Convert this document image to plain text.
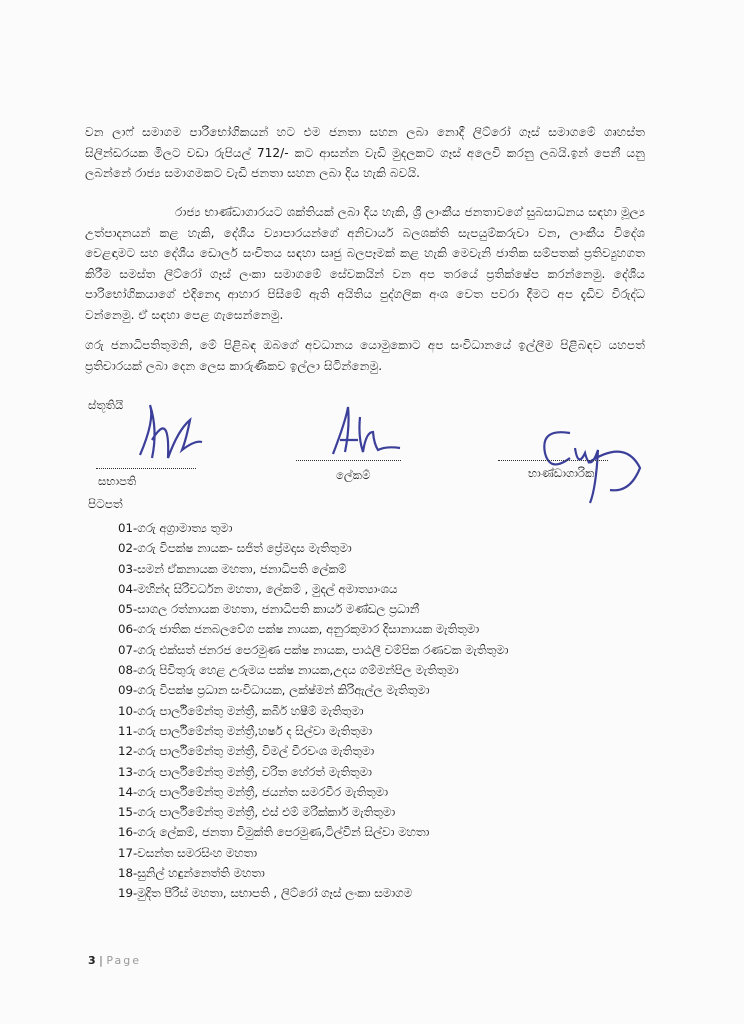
වන ලාෆ් සමාගම පාරිභෝගිකයන් හට එම ජනතා සහන ලබා නොදී ලිට්රෝ ගෑස් සමාගමේ ගෘහස්ත සිලින්ඩරයක මිලට වඩා රුපියල් 712/- කට ආසන්න වැඩි මුදලකට ගෑස් අලෙවි කරනු ලබයි.ඉන් පෙනී යනු ලබන්නේ රාජ්‍ය සමාගමකට වැඩි ජනතා සහන ලබා දිය හැකි බවයි.

රාජ්‍ය භාණ්ඩාගාරයට ශක්තියක් ලබා දිය හැකි, ශ්‍රී ලාංකීය ජනතාවගේ සුබසාධනය සඳහා මූල්‍ය උත්පාදනයන් කළ හැකි, දේශීය ව්‍යාපාරයන්ගේ අනිවාර්ය බලශක්ති සැපයුම්කරුවා වන, ලාංකීය විදේශ වෙළඳාමට සහ දේශීය ඩොලර් සංචිතය සඳහා සෘජු බලපෑමක් කළ හැකි මෙවැනි ජාතික සම්පතක් ප්‍රතිව්‍යුහගත කිරීම සමස්ත ලිට්රෝ ගෑස් ලංකා සමාගමේ සේවකයින් වන අප තරයේ ප්‍රතික්ෂේප කරන්නෙමු. දේශීය පාරිභෝගිකයාගේ එදිනෙදා ආහාර පිසීමේ ඇති අයිතිය පුද්ගලික අංශ වෙත පවරා දීමට අප දැඩිව විරුද්ධ වන්නෙමු. ඒ සඳහා පෙළ ගැසෙන්නෙමු.

ගරු ජනාධිපතිතුමනි, මේ පිළිබඳ ඔබගේ අවධානය යොමුකොට අප සංවිධානයේ ඉල්ලීම පිළිබඳව යහපත් ප්‍රතිචාරයක් ලබා දෙන ලෙස කාරුණිකව ඉල්ලා සිටින්නෙමු.

ස්තූතියි
සභාපති	ලේකම්	භාණ්ඩාගාරික
පිටපත්
01-ගරු අග්‍රාමාත්‍ය තුමා
02-ගරු විපක්ෂ නායක- සජිත් ප්‍රේමදාස මැතිතුමා
03-සමන් ඒකනායක මහතා, ජනාධිපති ලේකම්
04-මහින්ද සිරිවර්ධන මහතා, ලේකම් , මුදල් අමාත්‍යාංශය
05-සාගල රත්නායක මහතා, ජනාධිපති කාර්ය මණ්ඩල ප්‍රධානී
06-ගරු ජාතික ජනබලවේග පක්ෂ නායක, අනුරකුමාර දිසානායක මැතිතුමා
07-ගරු එක්සත් ජනරජ පෙරමුණ පක්ෂ නායක, පාඨලී චම්පික රණවක මැතිතුමා
08-ගරු පිවිතුරු හෙළ උරුමය පක්ෂ නායක,උදය ගම්මන්පිල මැතිතුමා
09-ගරු විපක්ෂ ප්‍රධාන සංවිධායක, ලක්ෂ්මන් කිරිඇල්ල මැතිතුමා
10-ගරු පාර්ලිමේන්තු මන්ත්‍රී, කබීර් හෂීම් මැතිතුමා
11-ගරු පාර්ලිමේන්තු මන්ත්‍රී,හර්ෂ ද සිල්වා මැතිතුමා
12-ගරු පාර්ලිමේන්තු මන්ත්‍රී, විමල් වීරවංශ මැතිතුමා
13-ගරු පාර්ලිමේන්තු මන්ත්‍රී, චරිත හේරත් මැතිතුමා
14-ගරු පාර්ලිමේන්තු මන්ත්‍රී, ජයන්ත සමරවීර මැතිතුමා
15-ගරු පාර්ලිමේන්තු මන්ත්‍රී, එස් එම් මරික්කාර් මැතිතුමා
16-ගරු ලේකම්, ජනතා විමුක්ති පෙරමුණ,ටිල්වින් සිල්වා මහතා
17-වසන්ත සමරසිංහ මහතා
18-සුනිල් හඳුන්නෙත්ති මහතා
19-මුදිත පීරිස් මහතා, සභාපති , ලිට්රෝ ගෑස් ලංකා සමාගම
3 | Page
